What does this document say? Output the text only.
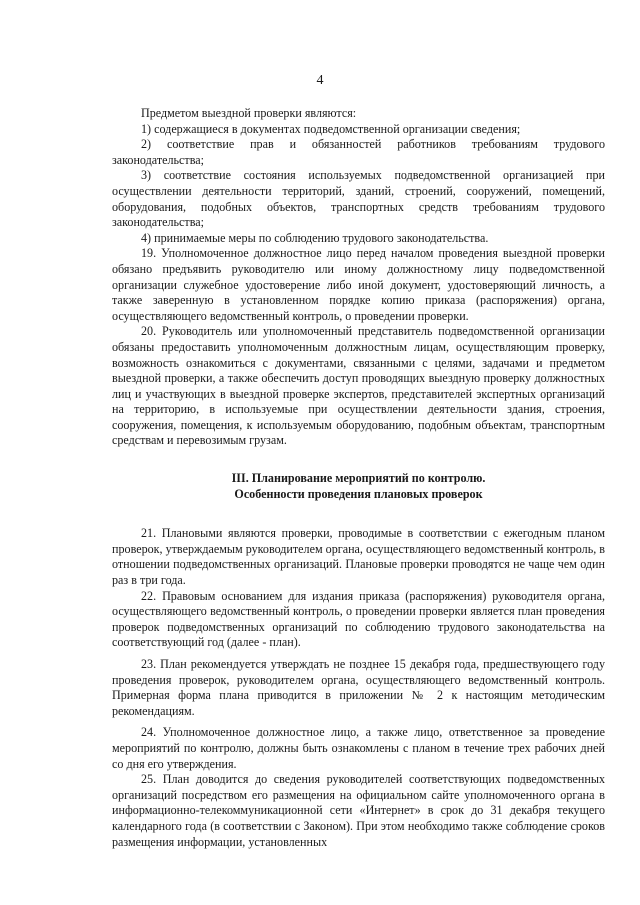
4

Предметом выездной проверки являются:

1) содержащиеся в документах подведомственной организации сведения;

2) соответствие прав и обязанностей работников требованиям трудового законодательства;

3) соответствие состояния используемых подведомственной организацией при осуществлении деятельности территорий, зданий, строений, сооружений, помещений, оборудования, подобных объектов, транспортных средств требованиям трудового законодательства;

4) принимаемые меры по соблюдению трудового законодательства.

19. Уполномоченное должностное лицо перед началом проведения выездной проверки обязано предъявить руководителю или иному должностному лицу подведомственной организации служебное удостоверение либо иной документ, удостоверяющий личность, а также заверенную в установленном порядке копию приказа (распоряжения) органа, осуществляющего ведомственный контроль, о проведении проверки.

20. Руководитель или уполномоченный представитель подведомственной организации обязаны предоставить уполномоченным должностным лицам, осуществляющим проверку, возможность ознакомиться с документами, связанными с целями, задачами и предметом выездной проверки, а также обеспечить доступ проводящих выездную проверку должностных лиц и участвующих в выездной проверке экспертов, представителей экспертных организаций на территорию, в используемые при осуществлении деятельности здания, строения, сооружения, помещения, к используемым оборудованию, подобным объектам, транспортным средствам и перевозимым грузам.

III. Планирование мероприятий по контролю.

Особенности проведения плановых проверок

21. Плановыми являются проверки, проводимые в соответствии с ежегодным планом проверок, утверждаемым руководителем органа, осуществляющего ведомственный контроль, в отношении подведомственных организаций. Плановые проверки проводятся не чаще чем один раз в три года.

22. Правовым основанием для издания приказа (распоряжения) руководителя органа, осуществляющего ведомственный контроль, о проведении проверки является план проведения проверок подведомственных организаций по соблюдению трудового законодательства на соответствующий год (далее - план).

23. План рекомендуется утверждать не позднее 15 декабря года, предшествующего году проведения проверок, руководителем органа, осуществляющего ведомственный контроль. Примерная форма плана приводится в приложении № 2 к настоящим методическим рекомендациям.

24. Уполномоченное должностное лицо, а также лицо, ответственное за проведение мероприятий по контролю, должны быть ознакомлены с планом в течение трех рабочих дней со дня его утверждения.

25. План доводится до сведения руководителей соответствующих подведомственных организаций посредством его размещения на официальном сайте уполномоченного органа в информационно-телекоммуникационной сети «Интернет» в срок до 31 декабря текущего календарного года (в соответствии с Законом). При этом необходимо также соблюдение сроков размещения информации, установленных
